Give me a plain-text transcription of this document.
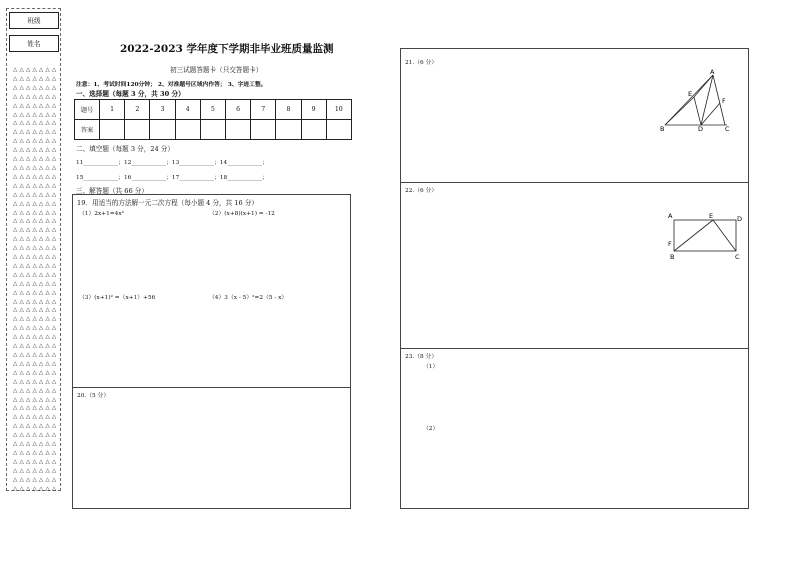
班级
姓名
△ △ △ △ △ △ △
△ △ △ △ △ △ △
△ △ △ △ △ △ △
△ △ △ △ △ △ △
△ △ △ △ △ △ △
△ △ △ △ △ △ △
△ △ △ △ △ △ △
△ △ △ △ △ △ △
△ △ △ △ △ △ △
△ △ △ △ △ △ △
△ △ △ △ △ △ △
△ △ △ △ △ △ △
△ △ △ △ △ △ △
△ △ △ △ △ △ △
△ △ △ △ △ △ △
△ △ △ △ △ △ △
△ △ △ △ △ △ △
△ △ △ △ △ △ △
△ △ △ △ △ △ △
△ △ △ △ △ △ △
△ △ △ △ △ △ △
△ △ △ △ △ △ △
△ △ △ △ △ △ △
△ △ △ △ △ △ △
△ △ △ △ △ △ △
△ △ △ △ △ △ △
△ △ △ △ △ △ △
△ △ △ △ △ △ △
△ △ △ △ △ △ △
△ △ △ △ △ △ △
△ △ △ △ △ △ △
△ △ △ △ △ △ △
△ △ △ △ △ △ △
△ △ △ △ △ △ △
△ △ △ △ △ △ △
△ △ △ △ △ △ △
△ △ △ △ △ △ △
△ △ △ △ △ △ △
△ △ △ △ △ △ △
△ △ △ △ △ △ △
△ △ △ △ △ △ △
△ △ △ △ △ △ △
△ △ △ △ △ △ △
△ △ △ △ △ △ △
△ △ △ △ △ △ △
△ △ △ △ △ △ △
△ △ △ △ △ △ △
△ △ △ △ △ △ △
2022-2023 学年度下学期非毕业班质量监测
初三试题答题卡（只交答题卡）
注意：1、考试时间120分钟； 2、对准题号区域内作答； 3、字迹工整。
一、选择题（每题 3 分，共 30 分）
题号	1	2	3	4	5	6	7	8	9	10
答案										
二、填空题（每题 3 分，24 分）
11____________；12____________；13____________；14____________；
15____________；16____________；17____________；18____________；
三、解答题（共 66 分）
19．用适当的方法解一元二次方程（每小题 4 分，共 16 分）
（1）2x+1=4x²	（2）(x+8)(x+1) = -12
（3）(x+1)² =（x+1）+56	（4）3（x - 5）²=2（5 - x）
20.（5 分）
21.（6 分）
A
E
F
B	D	C
22.（6 分）
A	E	D
F
B	C
23.（8 分）
（1）
（2）
